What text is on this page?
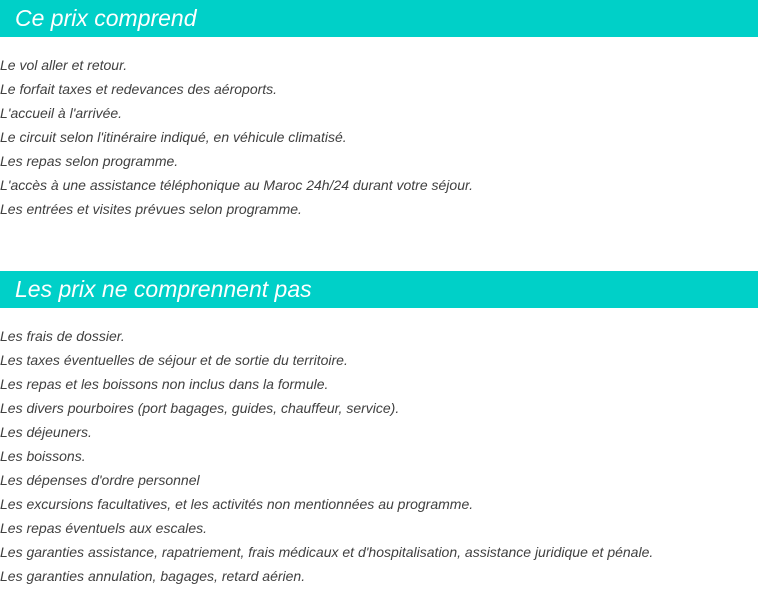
Ce prix comprend
Le vol aller et retour.
Le forfait taxes et redevances des aéroports.
L'accueil à l'arrivée.
Le circuit selon l'itinéraire indiqué, en véhicule climatisé.
Les repas selon programme.
L'accès à une assistance téléphonique au Maroc 24h/24 durant votre séjour.
Les entrées et visites prévues selon programme.
Les prix ne comprennent pas
Les frais de dossier.
Les taxes éventuelles de séjour et de sortie du territoire.
Les repas et les boissons non inclus dans la formule.
Les divers pourboires (port bagages, guides, chauffeur, service).
Les déjeuners.
Les boissons.
Les dépenses d'ordre personnel
Les excursions facultatives, et les activités non mentionnées au programme.
Les repas éventuels aux escales.
Les garanties assistance, rapatriement, frais médicaux et d'hospitalisation, assistance juridique et pénale.
Les garanties annulation, bagages, retard aérien.
